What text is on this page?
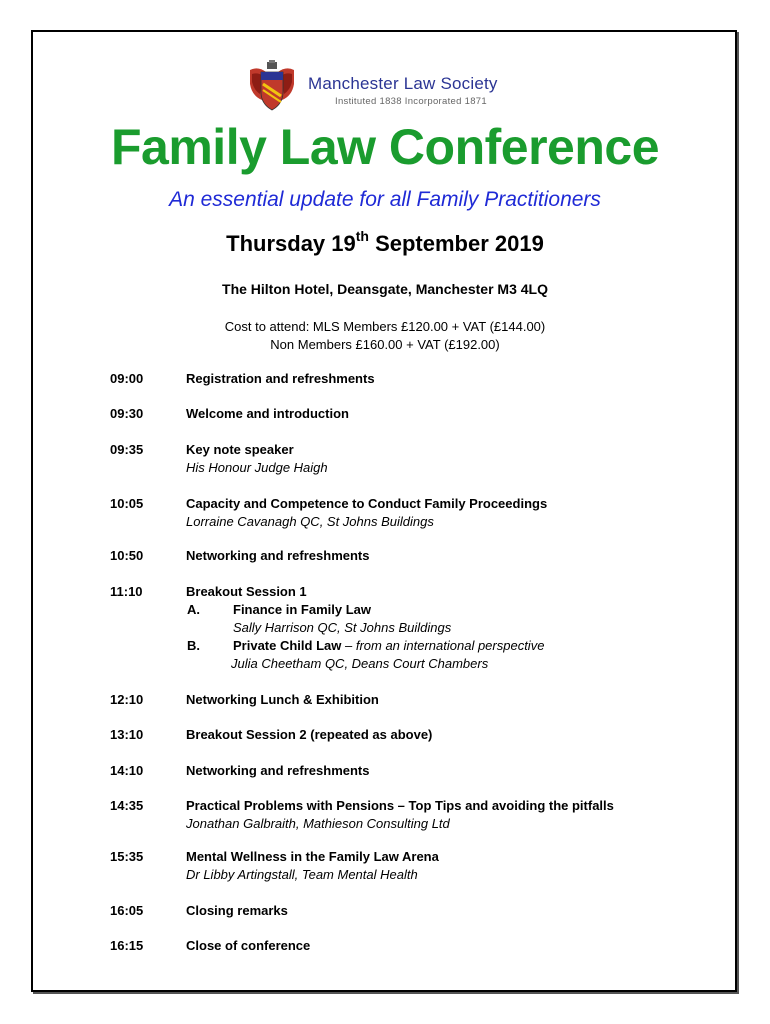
Manchester Law Society
Instituted 1838 Incorporated 1871
Family Law Conference
An essential update for all Family Practitioners
Thursday 19th September 2019
The Hilton Hotel, Deansgate, Manchester M3 4LQ
Cost to attend: MLS Members £120.00 + VAT (£144.00)
Non Members £160.00 + VAT (£192.00)
09:00	Registration and refreshments
09:30	Welcome and introduction
09:35	Key note speaker
His Honour Judge Haigh
10:05	Capacity and Competence to Conduct Family Proceedings
Lorraine Cavanagh QC, St Johns Buildings
10:50	Networking and refreshments
11:10	Breakout Session 1
A.	Finance in Family Law
Sally Harrison QC, St Johns Buildings
B.	Private Child Law – from an international perspective
Julia Cheetham QC, Deans Court Chambers
12:10	Networking Lunch & Exhibition
13:10	Breakout Session 2 (repeated as above)
14:10	Networking and refreshments
14:35	Practical Problems with Pensions – Top Tips and avoiding the pitfalls
Jonathan Galbraith, Mathieson Consulting Ltd
15:35	Mental Wellness in the Family Law Arena
Dr Libby Artingstall, Team Mental Health
16:05	Closing remarks
16:15	Close of conference
